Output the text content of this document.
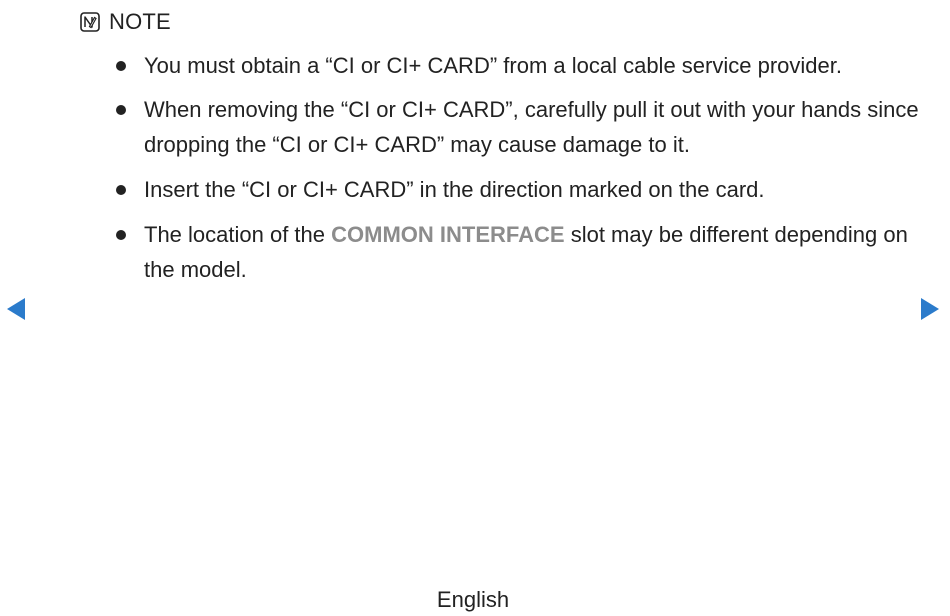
NOTE
You must obtain a “CI or CI+ CARD” from a local cable service provider.
When removing the “CI or CI+ CARD”, carefully pull it out with your hands since dropping the “CI or CI+ CARD” may cause damage to it.
Insert the “CI or CI+ CARD” in the direction marked on the card.
The location of the COMMON INTERFACE slot may be different depending on the model.
English
